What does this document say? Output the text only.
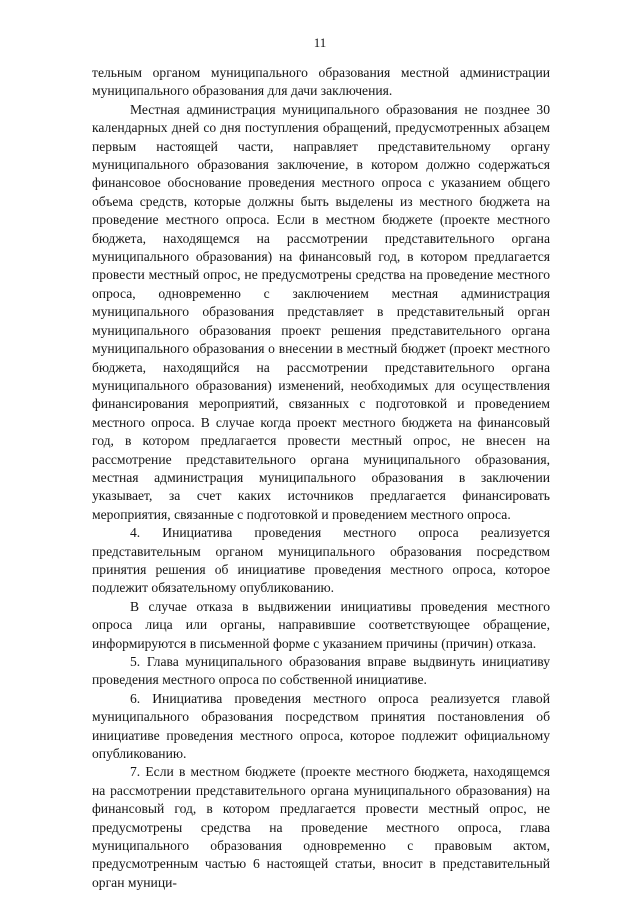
11

тельным органом муниципального образования местной администрации муниципального образования для дачи заключения.

Местная администрация муниципального образования не позднее 30 календарных дней со дня поступления обращений, предусмотренных абзацем первым настоящей части, направляет представительному органу муниципального образования заключение, в котором должно содержаться финансовое обоснование проведения местного опроса с указанием общего объема средств, которые должны быть выделены из местного бюджета на проведение местного опроса. Если в местном бюджете (проекте местного бюджета, находящемся на рассмотрении представительного органа муниципального образования) на финансовый год, в котором предлагается провести местный опрос, не предусмотрены средства на проведение местного опроса, одновременно с заключением местная администрация муниципального образования представляет в представительный орган муниципального образования проект решения представительного органа муниципального образования о внесении в местный бюджет (проект местного бюджета, находящийся на рассмотрении представительного органа муниципального образования) изменений, необходимых для осуществления финансирования мероприятий, связанных с подготовкой и проведением местного опроса. В случае когда проект местного бюджета на финансовый год, в котором предлагается провести местный опрос, не внесен на рассмотрение представительного органа муниципального образования, местная администрация муниципального образования в заключении указывает, за счет каких источников предлагается финансировать мероприятия, связанные с подготовкой и проведением местного опроса.

4. Инициатива проведения местного опроса реализуется представительным органом муниципального образования посредством принятия решения об инициативе проведения местного опроса, которое подлежит обязательному опубликованию.

В случае отказа в выдвижении инициативы проведения местного опроса лица или органы, направившие соответствующее обращение, информируются в письменной форме с указанием причины (причин) отказа.

5. Глава муниципального образования вправе выдвинуть инициативу проведения местного опроса по собственной инициативе.

6. Инициатива проведения местного опроса реализуется главой муниципального образования посредством принятия постановления об инициативе проведения местного опроса, которое подлежит официальному опубликованию.

7. Если в местном бюджете (проекте местного бюджета, находящемся на рассмотрении представительного органа муниципального образования) на финансовый год, в котором предлагается провести местный опрос, не предусмотрены средства на проведение местного опроса, глава муниципального образования одновременно с правовым актом, предусмотренным частью 6 настоящей статьи, вносит в представительный орган муници-
